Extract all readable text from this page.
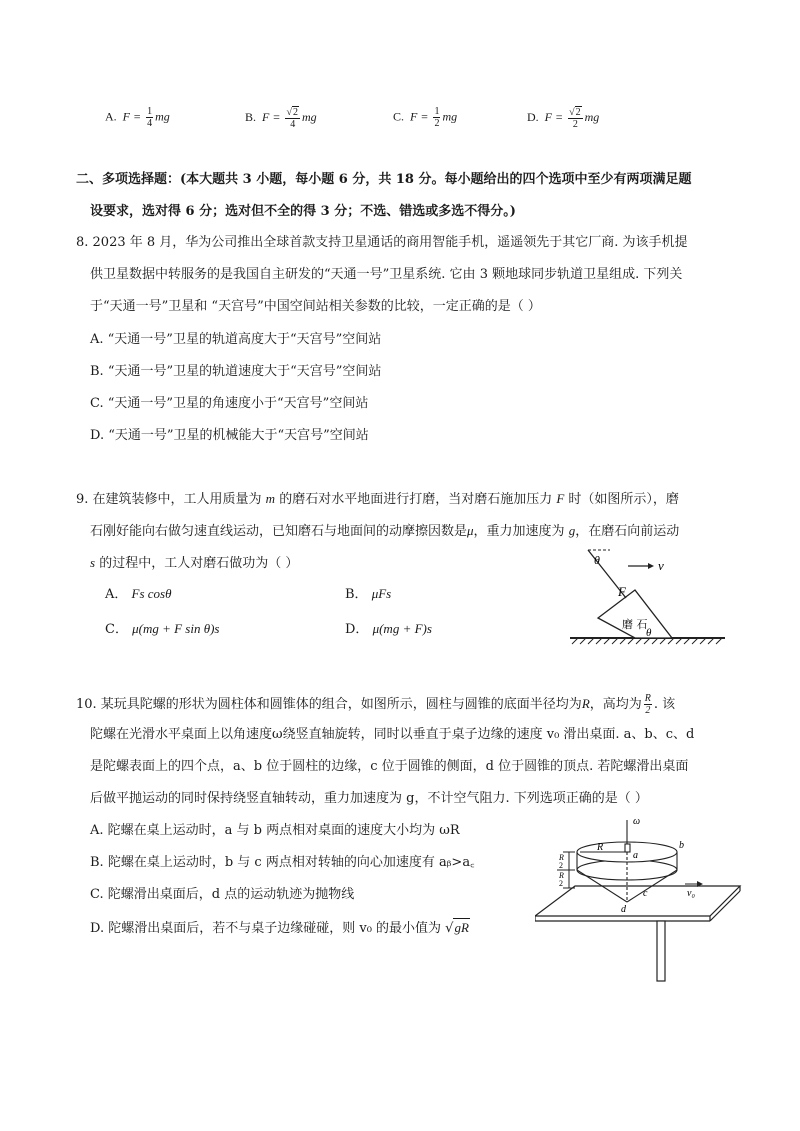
A. $F = \frac{1}{4}$ mg	B. $F = \frac{√2}{4}$ mg	C. $F = \frac{1}{2}$ mg	D. $F = \frac{√2}{2}$ mg
二、多项选择题：(本大题共 3 小题，每小题 6 分，共 18 分。每小题给出的四个选项中至少有两项满足题
设要求，选对得 6 分；选对但不全的得 3 分；不选、错选或多选不得分。)
8. 2023 年 8 月，华为公司推出全球首款支持卫星通话的商用智能手机，遥遥领先于其它厂商. 为该手机提
供卫星数据中转服务的是我国自主研发的“天通一号”卫星系统. 它由 3 颗地球同步轨道卫星组成. 下列关
于“天通一号”卫星和 “天宫号”中国空间站相关参数的比较，一定正确的是（ ）
A. “天通一号”卫星的轨道高度大于“天宫号”空间站
B. “天通一号”卫星的轨道速度大于“天宫号”空间站
C. “天通一号”卫星的角速度小于“天宫号”空间站
D. “天通一号”卫星的机械能大于“天宫号”空间站
9. 在建筑装修中，工人用质量为 m 的磨石对水平地面进行打磨，当对磨石施加压力 F 时（如图所示），磨
石刚好能向右做匀速直线运动，已知磨石与地面间的动摩擦因数是μ，重力加速度为 g，在磨石向前运动
s 的过程中，工人对磨石做功为（ ）
A． Fs cosθ	B． μFs
C． μ(mg + F sin θ)s	D． μ(mg + F)s
θ	v
F
磨 石
θ
10. 某玩具陀螺的形状为圆柱体和圆锥体的组合，如图所示，圆柱与圆锥的底面半径均为R，高均为 $\frac{R}{2}$ . 该
陀螺在光滑水平桌面上以角速度ω绕竖直轴旋转，同时以垂直于桌子边缘的速度 v₀ 滑出桌面. a、b、c、d
是陀螺表面上的四个点，a、b 位于圆柱的边缘，c 位于圆锥的侧面，d 位于圆锥的顶点. 若陀螺滑出桌面
后做平抛运动的同时保持绕竖直轴转动，重力加速度为 g，不计空气阻力. 下列选项正确的是（ ）
A. 陀螺在桌上运动时，a 与 b 两点相对桌面的速度大小均为 ωR
B. 陀螺在桌上运动时，b 与 c 两点相对转轴的向心加速度有 aᵦ>a꜀
C. 陀螺滑出桌面后，d 点的运动轨迹为抛物线
D. 陀螺滑出桌面后，若不与桌子边缘碰碰，则 v₀ 的最小值为 √gR
ω
R
a
b
c
d
v₀
R
2
R
2
